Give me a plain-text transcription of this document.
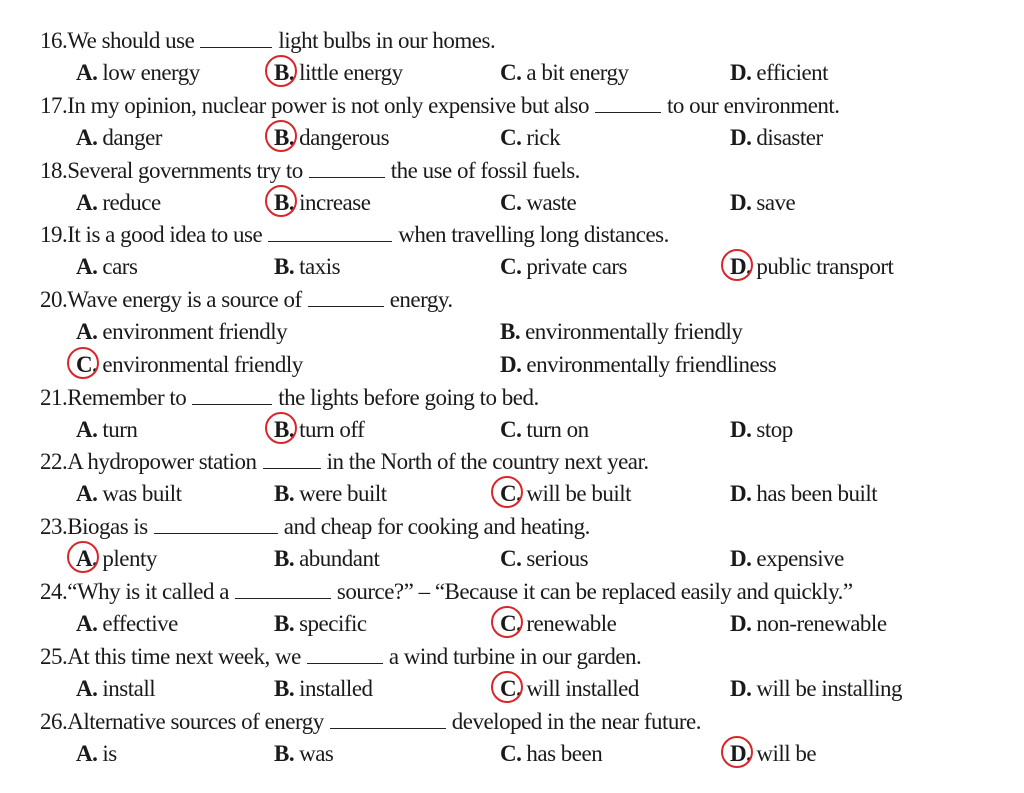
16.We should use	light bulbs in our homes.
A. low energy	B. little energy	C. a bit energy	D. efficient
17.In my opinion, nuclear power is not only expensive but also	to our environment.
A. danger	B. dangerous	C. rick	D. disaster
18.Several governments try to	the use of fossil fuels.
A. reduce	B. increase	C. waste	D. save
19.It is a good idea to use	when travelling long distances.
A. cars	B. taxis	C. private cars	D. public transport
20.Wave energy is a source of	energy.
A. environment friendly	B. environmentally friendly
C. environmental friendly	D. environmentally friendliness
21.Remember to	the lights before going to bed.
A. turn	B. turn off	C. turn on	D. stop
22.A hydropower station	in the North of the country next year.
A. was built	B. were built	C. will be built	D. has been built
23.Biogas is	and cheap for cooking and heating.
A. plenty	B. abundant	C. serious	D. expensive
24.“Why is it called a	source?” – “Because it can be replaced easily and quickly.”
A. effective	B. specific	C. renewable	D. non-renewable
25.At this time next week, we	a wind turbine in our garden.
A. install	B. installed	C. will installed	D. will be installing
26.Alternative sources of energy	developed in the near future.
A. is	B. was	C. has been	D. will be
